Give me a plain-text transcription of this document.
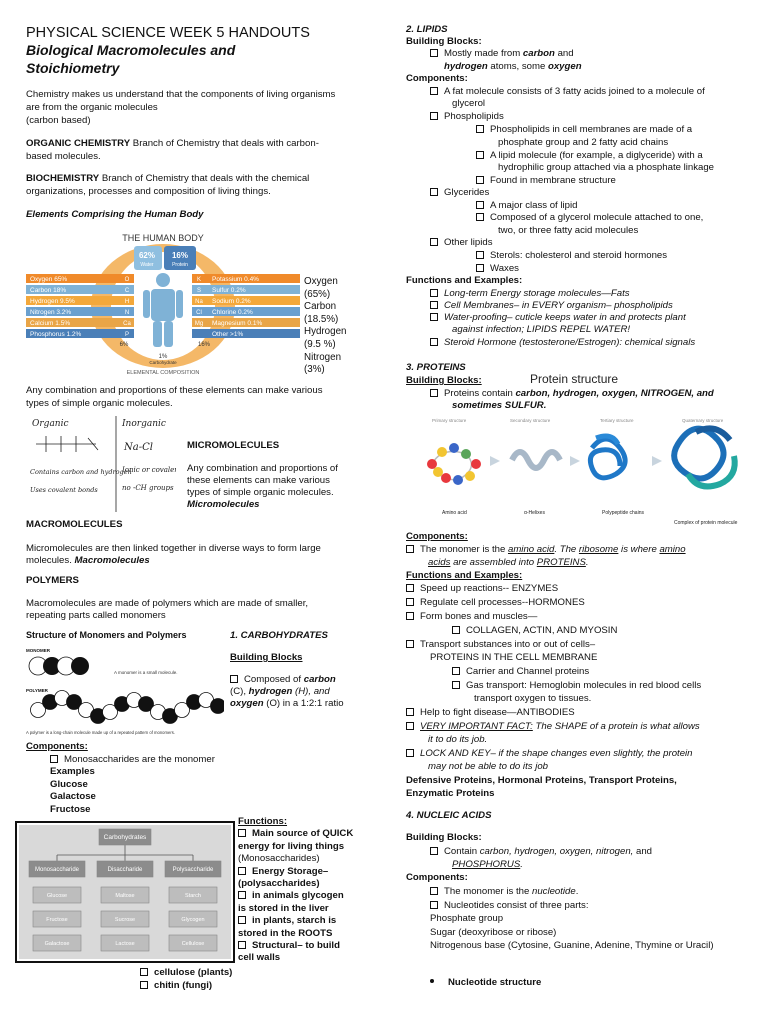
PHYSICAL SCIENCE WEEK 5 HANDOUTS
Biological Macromolecules and
Stoichiometry
Chemistry makes us understand that the components of living organisms
are from the organic molecules
(carbon based)
ORGANIC CHEMISTRY Branch of Chemistry that deals with carbon-
based molecules.
BIOCHEMISTRY Branch of Chemistry that deals with the chemical
organizations, processes and composition of living things.
Elements Comprising the Human Body
THE HUMAN BODY
62%
Water
16%
Protein
1%
Carbohydrate
6%	16%
Oxygen 65%	O
Carbon 18%	C
Hydrogen 9.5%	H
Nitrogen 3.2%	N
Calcium 1.5%	Ca
Phosphorus 1.2%	P
Potassium 0.4%
K
Sulfur 0.2%
S
Sodium 0.2%
Na
Chlorine 0.2%
Cl
Magnesium 0.1%
Mg
Other >1%
ELEMENTAL COMPOSITION
Oxygen
(65%)
Carbon
(18.5%)
Hydrogen
(9.5 %)
Nitrogen
(3%)
Any combination and proportions of these elements can make various
types of simple organic molecules.
Organic	Inorganic
Na-Cl
Ionic or covalent
no -CH groups
Contains carbon and hydrogen
Uses covalent bonds
MICROMOLECULES
Any combination and proportions of
these elements can make various
types of simple organic molecules.
Micromolecules
MACROMOLECULES
Micromolecules are then linked together in diverse ways to form large
molecules. Macromolecules
POLYMERS
Macromolecules are made of polymers which are made of smaller,
repeating parts called monomers
Structure of Monomers and Polymers
MONOMER
A monomer is a small molecule.
POLYMER
A polymer is a long-chain molecule made up of a repeated pattern of monomers.
1. CARBOHYDRATES
Building Blocks
Composed of carbon
(C), hydrogen (H), and
oxygen (O) in a 1:2:1 ratio
Components:
Monosaccharides are the monomer
Examples
Glucose
Galactose
Fructose
Carbohydrates
Monosaccharide
Glucose
Fructose
Galactose
Disaccharide
Maltose
Sucrose
Lactose
Polysaccharide
Starch
Glycogen
Cellulose
Functions:
Main source of QUICK
energy for living things
(Monosaccharides)
Energy Storage–
(polysaccharides)
in animals glycogen
is stored in the liver
in plants, starch is
stored in the ROOTS
Structural– to build
cell walls
cellulose (plants)
chitin (fungi)
2. LIPIDS
Building Blocks:
Mostly made from carbon and
hydrogen atoms, some oxygen
Components:
A fat molecule consists of 3 fatty acids joined to a molecule of
glycerol
Phospholipids
Phospholipids in cell membranes are made of a
phosphate group and 2 fatty acid chains
A lipid molecule (for example, a diglyceride) with a
hydrophilic group attached via a phosphate linkage
Found in membrane structure
Glycerides
A major class of lipid
Composed of a glycerol molecule attached to one,
two, or three fatty acid molecules
Other lipids
Sterols: cholesterol and steroid hormones
Waxes
Functions and Examples:
Long-term Energy storage molecules—Fats
Cell Membranes– in EVERY organism– phospholipids
Water-proofing– cuticle keeps water in and protects plant
against infection; LIPIDS REPEL WATER!
Steroid Hormone (testosterone/Estrogen): chemical signals
3. PROTEINS
Building Blocks:
Proteins contain carbon, hydrogen, oxygen, NITROGEN, and
sometimes SULFUR.
Protein structure
Primary structure	Secondary structure	Tertiary structure	Quaternary structure
Amino acid	α-Helixes	Polypeptide chains
Complex of protein molecule
Components:
The monomer is the amino acid. The ribosome is where amino
acids are assembled into PROTEINS.
Functions and Examples:
Speed up reactions-- ENZYMES
Regulate cell processes--HORMONES
Form bones and muscles—
COLLAGEN, ACTIN, AND MYOSIN
Transport substances into or out of cells–
PROTEINS IN THE CELL MEMBRANE
Carrier and Channel proteins
Gas transport: Hemoglobin molecules in red blood cells
transport oxygen to tissues.
Help to fight disease—ANTIBODIES
VERY IMPORTANT FACT: The SHAPE of a protein is what allows
it to do its job.
LOCK AND KEY– if the shape changes even slightly, the protein
may not be able to do its job
Defensive Proteins, Hormonal Proteins, Transport Proteins,
Enzymatic Proteins
4. NUCLEIC ACIDS
Building Blocks:
Contain carbon, hydrogen, oxygen, nitrogen, and
PHOSPHORUS.
Components:
The monomer is the nucleotide.
Nucleotides consist of three parts:
Phosphate group
Sugar (deoxyribose or ribose)
Nitrogenous base (Cytosine, Guanine, Adenine, Thymine or Uracil)
Nucleotide structure
